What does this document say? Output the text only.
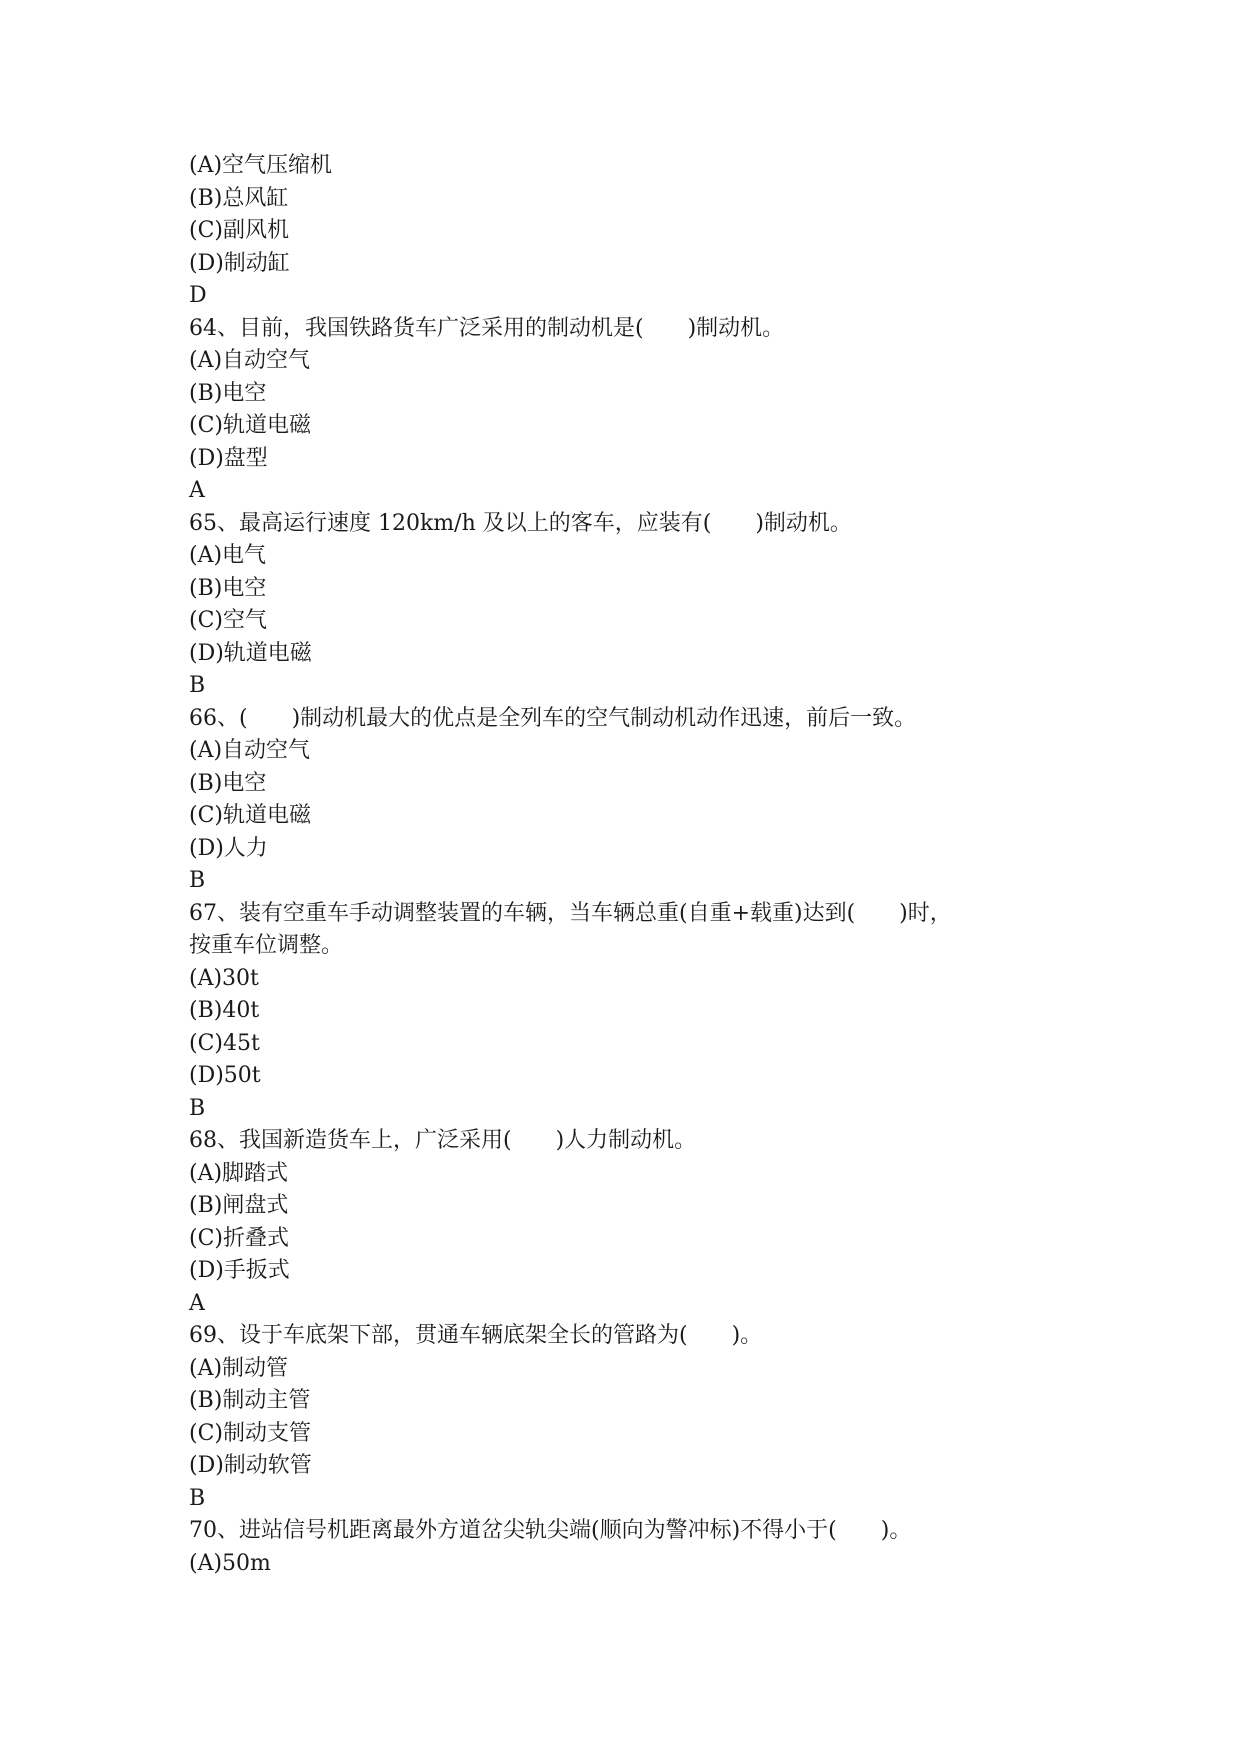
(A)空气压缩机
(B)总风缸
(C)副风机
(D)制动缸
D
64、目前，我国铁路货车广泛采用的制动机是(　　)制动机。
(A)自动空气
(B)电空
(C)轨道电磁
(D)盘型
A
65、最高运行速度 120km/h 及以上的客车，应装有(　　)制动机。
(A)电气
(B)电空
(C)空气
(D)轨道电磁
B
66、(　　)制动机最大的优点是全列车的空气制动机动作迅速，前后一致。
(A)自动空气
(B)电空
(C)轨道电磁
(D)人力
B
67、装有空重车手动调整装置的车辆，当车辆总重(自重+载重)达到(　　)时，
按重车位调整。
(A)30t
(B)40t
(C)45t
(D)50t
B
68、我国新造货车上，广泛采用(　　)人力制动机。
(A)脚踏式
(B)闸盘式
(C)折叠式
(D)手扳式
A
69、设于车底架下部，贯通车辆底架全长的管路为(　　)。
(A)制动管
(B)制动主管
(C)制动支管
(D)制动软管
B
70、进站信号机距离最外方道岔尖轨尖端(顺向为警冲标)不得小于(　　)。
(A)50m
